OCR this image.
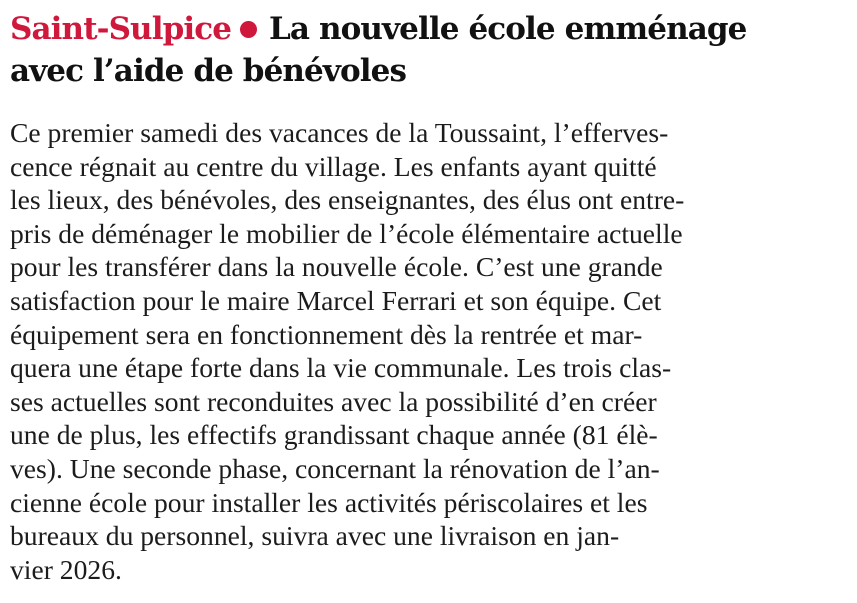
Saint-Sulpice La nouvelle école emménage
avec l’aide de bénévoles
Ce premier samedi des vacances de la Toussaint, l’efferves-
cence régnait au centre du village. Les enfants ayant quitté
les lieux, des bénévoles, des enseignantes, des élus ont entre-
pris de déménager le mobilier de l’école élémentaire actuelle
pour les transférer dans la nouvelle école. C’est une grande
satisfaction pour le maire Marcel Ferrari et son équipe. Cet
équipement sera en fonctionnement dès la rentrée et mar-
quera une étape forte dans la vie communale. Les trois clas-
ses actuelles sont reconduites avec la possibilité d’en créer
une de plus, les effectifs grandissant chaque année (81 élè-
ves). Une seconde phase, concernant la rénovation de l’an-
cienne école pour installer les activités périscolaires et les
bureaux du personnel, suivra avec une livraison en jan-
vier 2026.
